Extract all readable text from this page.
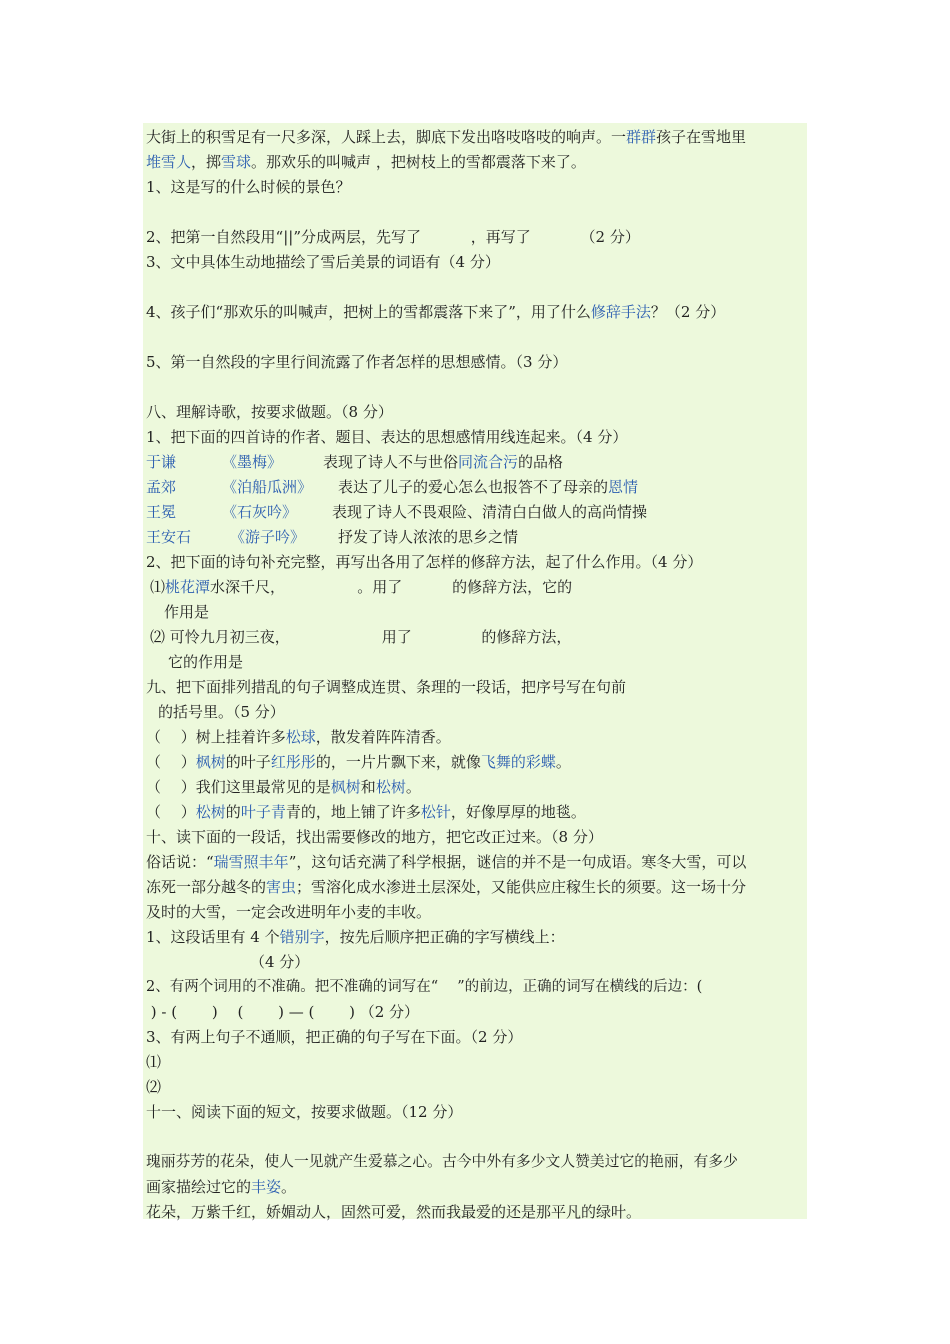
大街上的积雪足有一尺多深，人踩上去，脚底下发出咯吱咯吱的响声。一群群孩子在雪地里
堆雪人，掷雪球。那欢乐的叫喊声 ，把树枝上的雪都震落下来了。
1、这是写的什么时候的景色？
2、把第一自然段用“||”分成两层，先写了　　　 ，再写了　　　 （2 分）
3、文中具体生动地描绘了雪后美景的词语有（4 分）
4、孩子们“那欢乐的叫喊声，把树上的雪都震落下来了”，用了什么修辞手法？（2 分）
5、第一自然段的字里行间流露了作者怎样的思想感情。（3 分）
八、理解诗歌，按要求做题。（8 分）
1、把下面的四首诗的作者、题目、表达的思想感情用线连起来。（4 分）
于谦	《墨梅》	表现了诗人不与世俗同流合污的品格
孟郊	《泊船瓜洲》 表达了儿子的爱心怎么也报答不了母亲的恩情
王冕	《石灰吟》 表现了诗人不畏艰险、清清白白做人的高尚情操
王安石	《游子吟》 抒发了诗人浓浓的思乡之情
2、把下面的诗句补充完整，再写出各用了怎样的修辞方法，起了什么作用。（4 分）
⑴桃花潭水深千尺，　　　　　 。用了　　　 的修辞方法，它的
作用是
⑵ 可怜九月初三夜，　　　　　 　 用了　　　 　 的修辞方法，
它的作用是
九、把下面排列措乱的句子调整成连贯、条理的一段话，把序号写在句前
的括号里。（5 分）
（　 ）树上挂着许多松球，散发着阵阵清香。
（　 ）枫树的叶子红彤彤的，一片片飘下来，就像飞舞的彩蝶。
（　 ）我们这里最常见的是枫树和松树。
（　 ）松树的叶子青青的，地上铺了许多松针，好像厚厚的地毯。
十、读下面的一段话，找出需要修改的地方，把它改正过来。（8 分）
俗话说：“瑞雪照丰年”，这句话充满了科学根据，谜信的并不是一句成语。寒冬大雪，可以
冻死一部分越冬的害虫；雪溶化成水渗进土层深处，又能供应庄稼生长的须要。这一场十分
及时的大雪，一定会改进明年小麦的丰收。
1、这段话里有 4 个错别字，按先后顺序把正确的字写横线上：
（4 分）
2、有两个词用的不准确。把不准确的词写在“　 ”的前边，正确的词写在横线的后边：(
) - (　　 )　 (　　 ) — (　　 ) （2 分）
3、有两上句子不通顺，把正确的句子写在下面。（2 分）
⑴
⑵
十一、阅读下面的短文，按要求做题。（12 分）
瑰丽芬芳的花朵，使人一见就产生爱慕之心。古今中外有多少文人赞美过它的艳丽，有多少
画家描绘过它的丰姿。
花朵，万紫千红，娇媚动人，固然可爱，然而我最爱的还是那平凡的绿叶。
